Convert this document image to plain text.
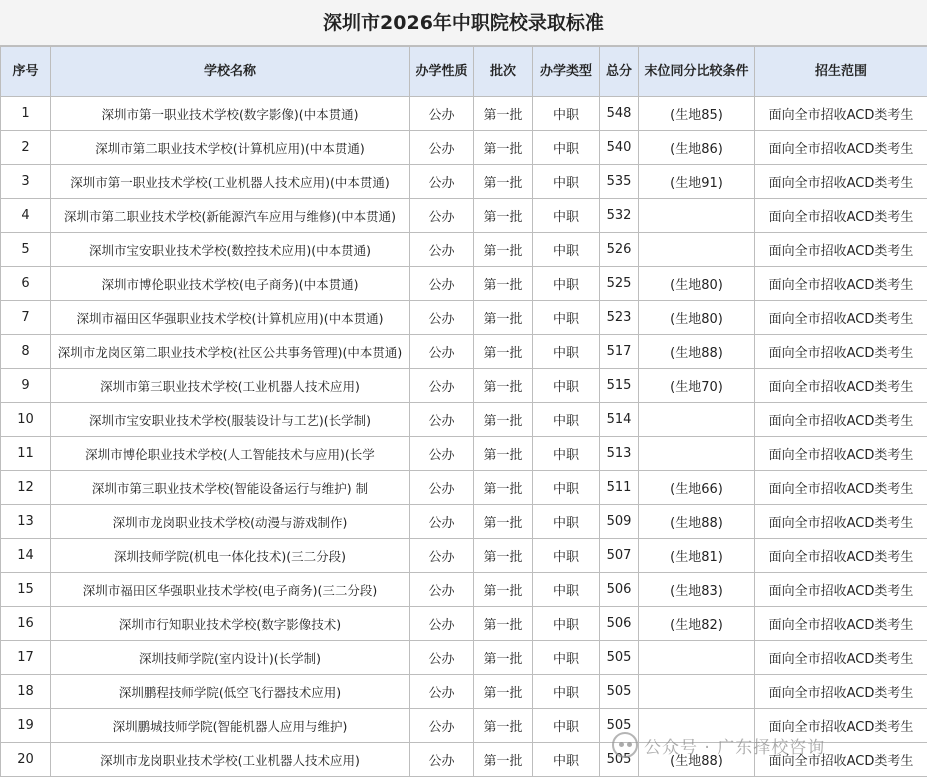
深圳市2026年中职院校录取标准
序号	学校名称	办学性质	批次	办学类型	总分	末位同分比较条件	招生范围
1	深圳市第一职业技术学校(数字影像)(中本贯通)	公办	第一批	中职	548	(生地85)	面向全市招收ACD类考生
2	深圳市第二职业技术学校(计算机应用)(中本贯通)	公办	第一批	中职	540	(生地86)	面向全市招收ACD类考生
3	深圳市第一职业技术学校(工业机器人技术应用)(中本贯通)	公办	第一批	中职	535	(生地91)	面向全市招收ACD类考生
4	深圳市第二职业技术学校(新能源汽车应用与维修)(中本贯通)	公办	第一批	中职	532		面向全市招收ACD类考生
5	深圳市宝安职业技术学校(数控技术应用)(中本贯通)	公办	第一批	中职	526		面向全市招收ACD类考生
6	深圳市博伦职业技术学校(电子商务)(中本贯通)	公办	第一批	中职	525	(生地80)	面向全市招收ACD类考生
7	深圳市福田区华强职业技术学校(计算机应用)(中本贯通)	公办	第一批	中职	523	(生地80)	面向全市招收ACD类考生
8	深圳市龙岗区第二职业技术学校(社区公共事务管理)(中本贯通)	公办	第一批	中职	517	(生地88)	面向全市招收ACD类考生
9	深圳市第三职业技术学校(工业机器人技术应用)	公办	第一批	中职	515	(生地70)	面向全市招收ACD类考生
10	深圳市宝安职业技术学校(服装设计与工艺)(长学制)	公办	第一批	中职	514		面向全市招收ACD类考生
11	深圳市博伦职业技术学校(人工智能技术与应用)(长学	公办	第一批	中职	513		面向全市招收ACD类考生
12	深圳市第三职业技术学校(智能设备运行与维护) 制	公办	第一批	中职	511	(生地66)	面向全市招收ACD类考生
13	深圳市龙岗职业技术学校(动漫与游戏制作)	公办	第一批	中职	509	(生地88)	面向全市招收ACD类考生
14	深圳技师学院(机电一体化技术)(三二分段)	公办	第一批	中职	507	(生地81)	面向全市招收ACD类考生
15	深圳市福田区华强职业技术学校(电子商务)(三二分段)	公办	第一批	中职	506	(生地83)	面向全市招收ACD类考生
16	深圳市行知职业技术学校(数字影像技术)	公办	第一批	中职	506	(生地82)	面向全市招收ACD类考生
17	深圳技师学院(室内设计)(长学制)	公办	第一批	中职	505		面向全市招收ACD类考生
18	深圳鹏程技师学院(低空飞行器技术应用)	公办	第一批	中职	505		面向全市招收ACD类考生
19	深圳鹏城技师学院(智能机器人应用与维护)	公办	第一批	中职	505		面向全市招收ACD类考生
20	深圳市龙岗职业技术学校(工业机器人技术应用)	公办	第一批	中职	505	(生地88)	面向全市招收ACD类考生
公众号 · 广东择校咨询
